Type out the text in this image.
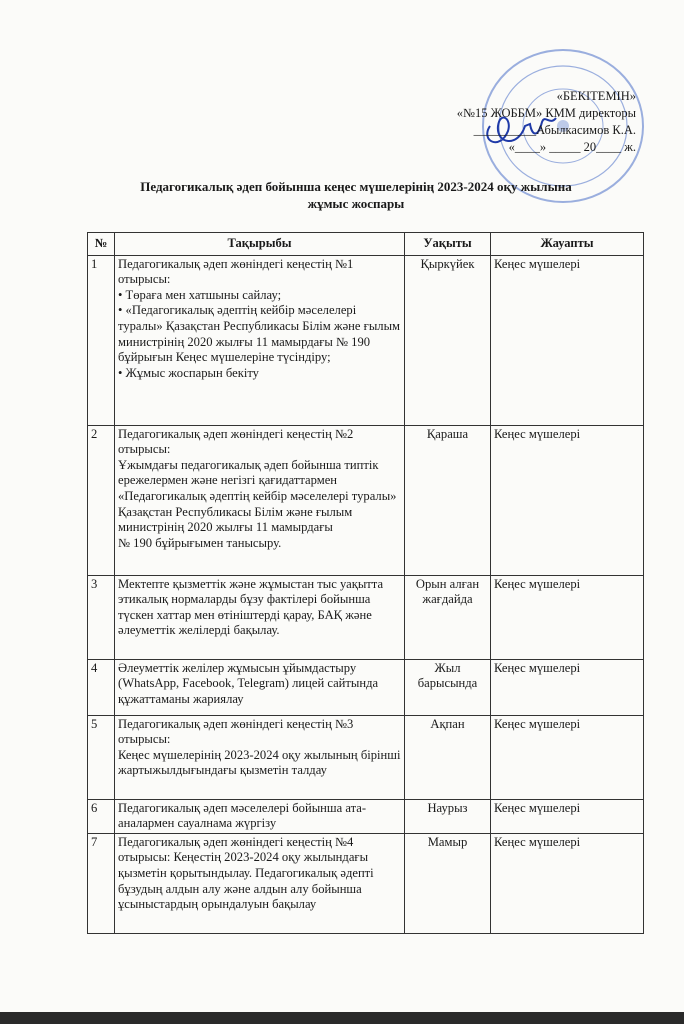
«БЕКІТЕМІН»
«№15 ЖОББМ» КММ директоры
__________Абылкасимов К.А.
«____» _____ 20____ ж.
Педагогикалық әдеп бойынша кеңес мүшелерінің 2023-2024 оқу жылына
жұмыс жоспары
№	Тақырыбы	Уақыты	Жауапты
1	Педагогикалық әдеп жөніндегі кеңестің №1 отырысы:
• Төраға мен хатшыны сайлау;
• «Педагогикалық әдептің кейбір мәселелері туралы» Қазақстан Республикасы Білім және ғылым министрінің 2020 жылғы 11 мамырдағы № 190 бұйрығын Кеңес мүшелеріне түсіндіру;
• Жұмыс жоспарын бекіту	Қыркүйек	Кеңес мүшелері
2	Педагогикалық әдеп жөніндегі кеңестің №2 отырысы:
Ұжымдағы педагогикалық әдеп бойынша типтік ережелермен және негізгі қағидаттармен «Педагогикалық әдептің кейбір мәселелері туралы» Қазақстан Республикасы Білім және ғылым министрінің 2020 жылғы 11 мамырдағы
№ 190 бұйрығымен танысыру.	Қараша	Кеңес мүшелері
3	Мектепте қызметтік және жұмыстан тыс уақытта этикалық нормаларды бұзу фактілері бойынша түскен хаттар мен өтініштерді қарау, БАҚ және әлеуметтік желілерді бақылау.	Орын алған жағдайда	Кеңес мүшелері
4	Әлеуметтік желілер жұмысын ұйымдастыру (WhatsApp, Facebook, Telegram) лицей сайтында құжаттаманы жариялау	Жыл барысында	Кеңес мүшелері
5	Педагогикалық әдеп жөніндегі кеңестің №3 отырысы:
Кеңес мүшелерінің 2023-2024 оқу жылының бірінші жартыжылдығындағы қызметін талдау	Ақпан	Кеңес мүшелері
6	Педагогикалық әдеп мәселелері бойынша ата-аналармен сауалнама жүргізу	Наурыз	Кеңес мүшелері
7	Педагогикалық әдеп жөніндегі кеңестің №4 отырысы: Кеңестің 2023-2024 оқу жылындағы қызметін қорытындылау. Педагогикалық әдепті бұзудың алдын алу және алдын алу бойынша ұсыныстардың орындалуын бақылау	Мамыр	Кеңес мүшелері
